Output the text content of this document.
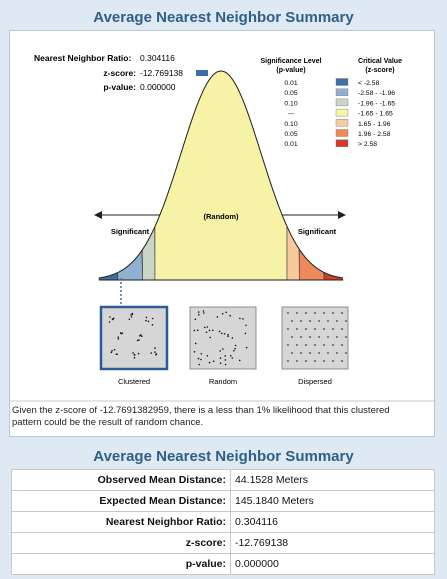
Average Nearest Neighbor Summary
Nearest Neighbor Ratio: 0.304116
z-score: -12.769138
p-value: 0.000000
Significance Level
(p-value)
Critical Value
(z-score)
0.01	< -2.58
0.05	-2.58 - -1.96
0.10	-1.96 - -1.65
---	-1.65 - 1.65
0.10	1.65 - 1.96
0.05	1.96 - 2.58
0.01	> 2.58
(Random)
Significant	Significant
Clustered	Random	Dispersed
Given the z-score of -12.7691382959, there is a less than 1% likelihood that this clustered pattern could be the result of random chance.
Average Nearest Neighbor Summary
Observed Mean Distance:	44.1528 Meters
Expected Mean Distance:	145.1840 Meters
Nearest Neighbor Ratio:	0.304116
z-score:	-12.769138
p-value:	0.000000
